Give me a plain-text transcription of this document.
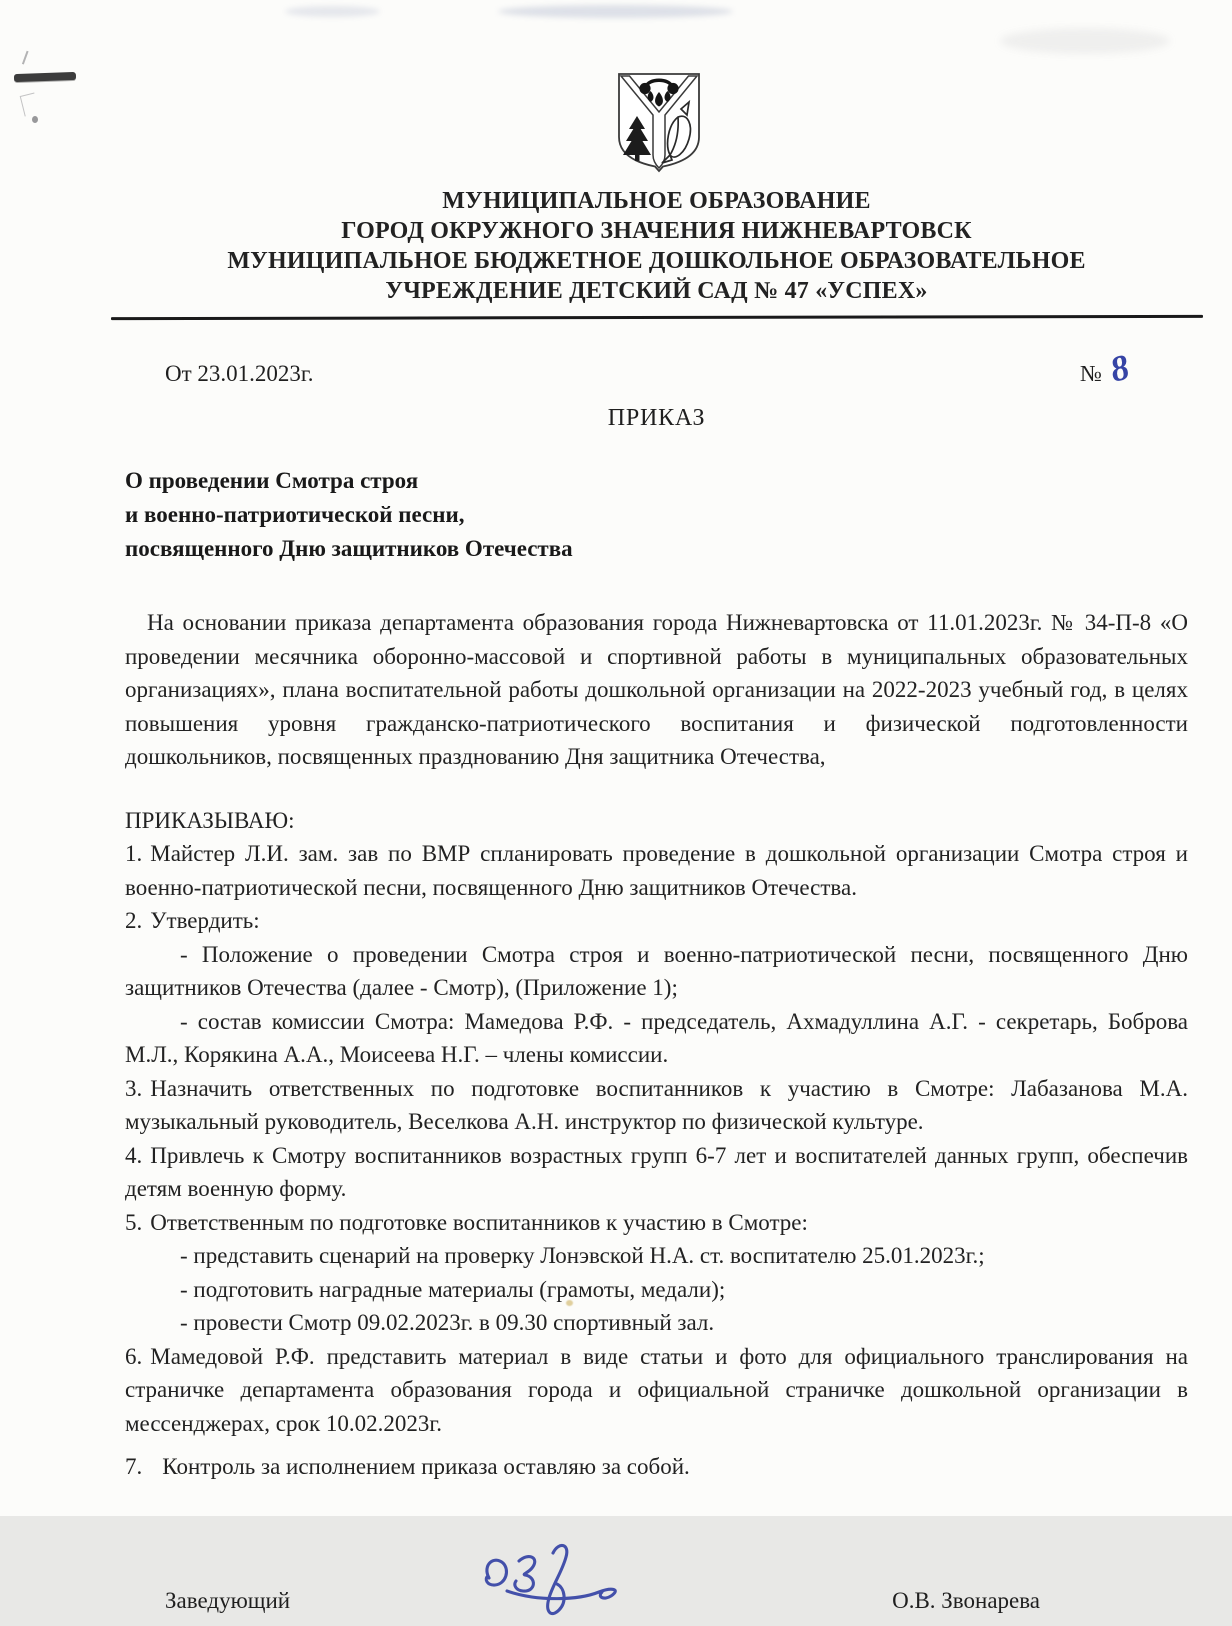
МУНИЦИПАЛЬНОЕ ОБРАЗОВАНИЕ
ГОРОД ОКРУЖНОГО ЗНАЧЕНИЯ НИЖНЕВАРТОВСК
МУНИЦИПАЛЬНОЕ БЮДЖЕТНОЕ ДОШКОЛЬНОЕ ОБРАЗОВАТЕЛЬНОЕ
УЧРЕЖДЕНИЕ ДЕТСКИЙ САД № 47 «УСПЕХ»
От 23.01.2023г.	№ 8
ПРИКАЗ
О проведении Смотра строя
и военно-патриотической песни,
посвященного Дню защитников Отечества

На основании приказа департамента образования города Нижневартовска от 11.01.2023г. № 34-П-8 «О проведении месячника оборонно-массовой и спортивной работы в муниципальных образовательных организациях», плана воспитательной работы дошкольной организации на 2022-2023 учебный год, в целях повышения уровня гражданско-патриотического воспитания и физической подготовленности дошкольников, посвященных празднованию Дня защитника Отечества,

ПРИКАЗЫВАЮ:

1. Майстер Л.И. зам. зав по ВМР спланировать проведение в дошкольной организации Смотра строя и военно-патриотической песни, посвященного Дню защитников Отечества.

2. Утвердить:

- Положение о проведении Смотра строя и военно-патриотической песни, посвященного Дню защитников Отечества (далее - Смотр), (Приложение 1);

- состав комиссии Смотра: Мамедова Р.Ф. - председатель, Ахмадуллина А.Г. - секретарь, Боброва М.Л., Корякина А.А., Моисеева Н.Г. – члены комиссии.

3. Назначить ответственных по подготовке воспитанников к участию в Смотре: Лабазанова М.А. музыкальный руководитель, Веселкова А.Н. инструктор по физической культуре.

4. Привлечь к Смотру воспитанников возрастных групп 6-7 лет и воспитателей данных групп, обеспечив детям военную форму.

5. Ответственным по подготовке воспитанников к участию в Смотре:

- представить сценарий на проверку Лонэвской Н.А. ст. воспитателю 25.01.2023г.;

- подготовить наградные материалы (грамоты, медали);

- провести Смотр 09.02.2023г. в 09.30 спортивный зал.

6. Мамедовой Р.Ф. представить материал в виде статьи и фото для официального транслирования на страничке департамента образования города и официальной страничке дошкольной организации в мессенджерах, срок 10.02.2023г.

7. Контроль за исполнением приказа оставляю за собой.

Заведующий	О.В. Звонарева
